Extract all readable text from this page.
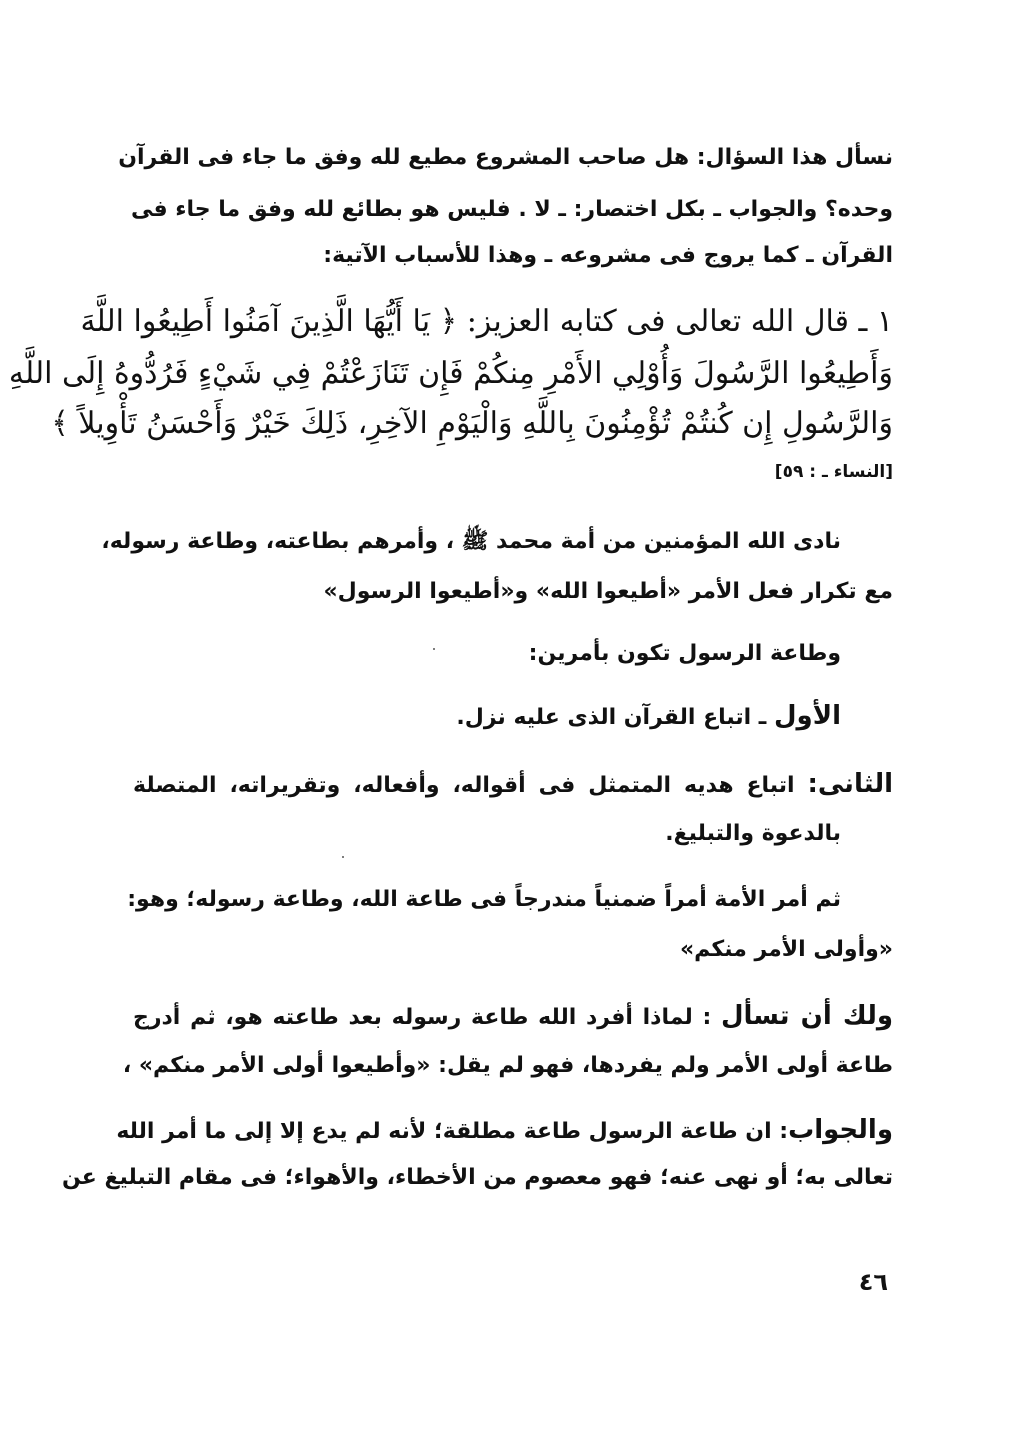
نسأل هذا السؤال: هل صاحب المشروع مطيع لله وفق ما جاء فى القرآن
وحده؟ والجواب ـ بكل اختصار: ـ لا . فليس هو بطائع لله وفق ما جاء فى
القرآن ـ كما يروج فى مشروعه ـ وهذا للأسباب الآتية:
١ ـ قال الله تعالى فى كتابه العزيز: ﴿ يَا أَيُّهَا الَّذِينَ آمَنُوا أَطِيعُوا اللَّهَ
وَأَطِيعُوا الرَّسُولَ وَأُوْلِي الأَمْرِ مِنكُمْ فَإِن تَنَازَعْتُمْ فِي شَيْءٍ فَرُدُّوهُ إِلَى اللَّهِ
وَالرَّسُولِ إِن كُنتُمْ تُؤْمِنُونَ بِاللَّهِ وَالْيَوْمِ الآخِرِ، ذَلِكَ خَيْرٌ وَأَحْسَنُ تَأْوِيلاً ﴾
[النساء ـ : ٥٩]
نادى الله المؤمنين من أمة محمد ﷺ ، وأمرهم بطاعته، وطاعة رسوله،
مع تكرار فعل الأمر «أطيعوا الله» و«أطيعوا الرسول»
وطاعة الرسول تكون بأمرين:
الأول ـ اتباع القرآن الذى عليه نزل.
الثانى: اتباع هديه المتمثل فى أقواله، وأفعاله، وتقريراته، المتصلة
بالدعوة والتبليغ.
ثم أمر الأمة أمراً ضمنياً مندرجاً فى طاعة الله، وطاعة رسوله؛ وهو:
«وأولى الأمر منكم»
ولك أن تسأل : لماذا أفرد الله طاعة رسوله بعد طاعته هو، ثم أدرج
طاعة أولى الأمر ولم يفردها، فهو لم يقل: «وأطيعوا أولى الأمر منكم» ،
والجواب: ان طاعة الرسول طاعة مطلقة؛ لأنه لم يدع إلا إلى ما أمر الله
تعالى به؛ أو نهى عنه؛ فهو معصوم من الأخطاء، والأهواء؛ فى مقام التبليغ عن
٤٦
